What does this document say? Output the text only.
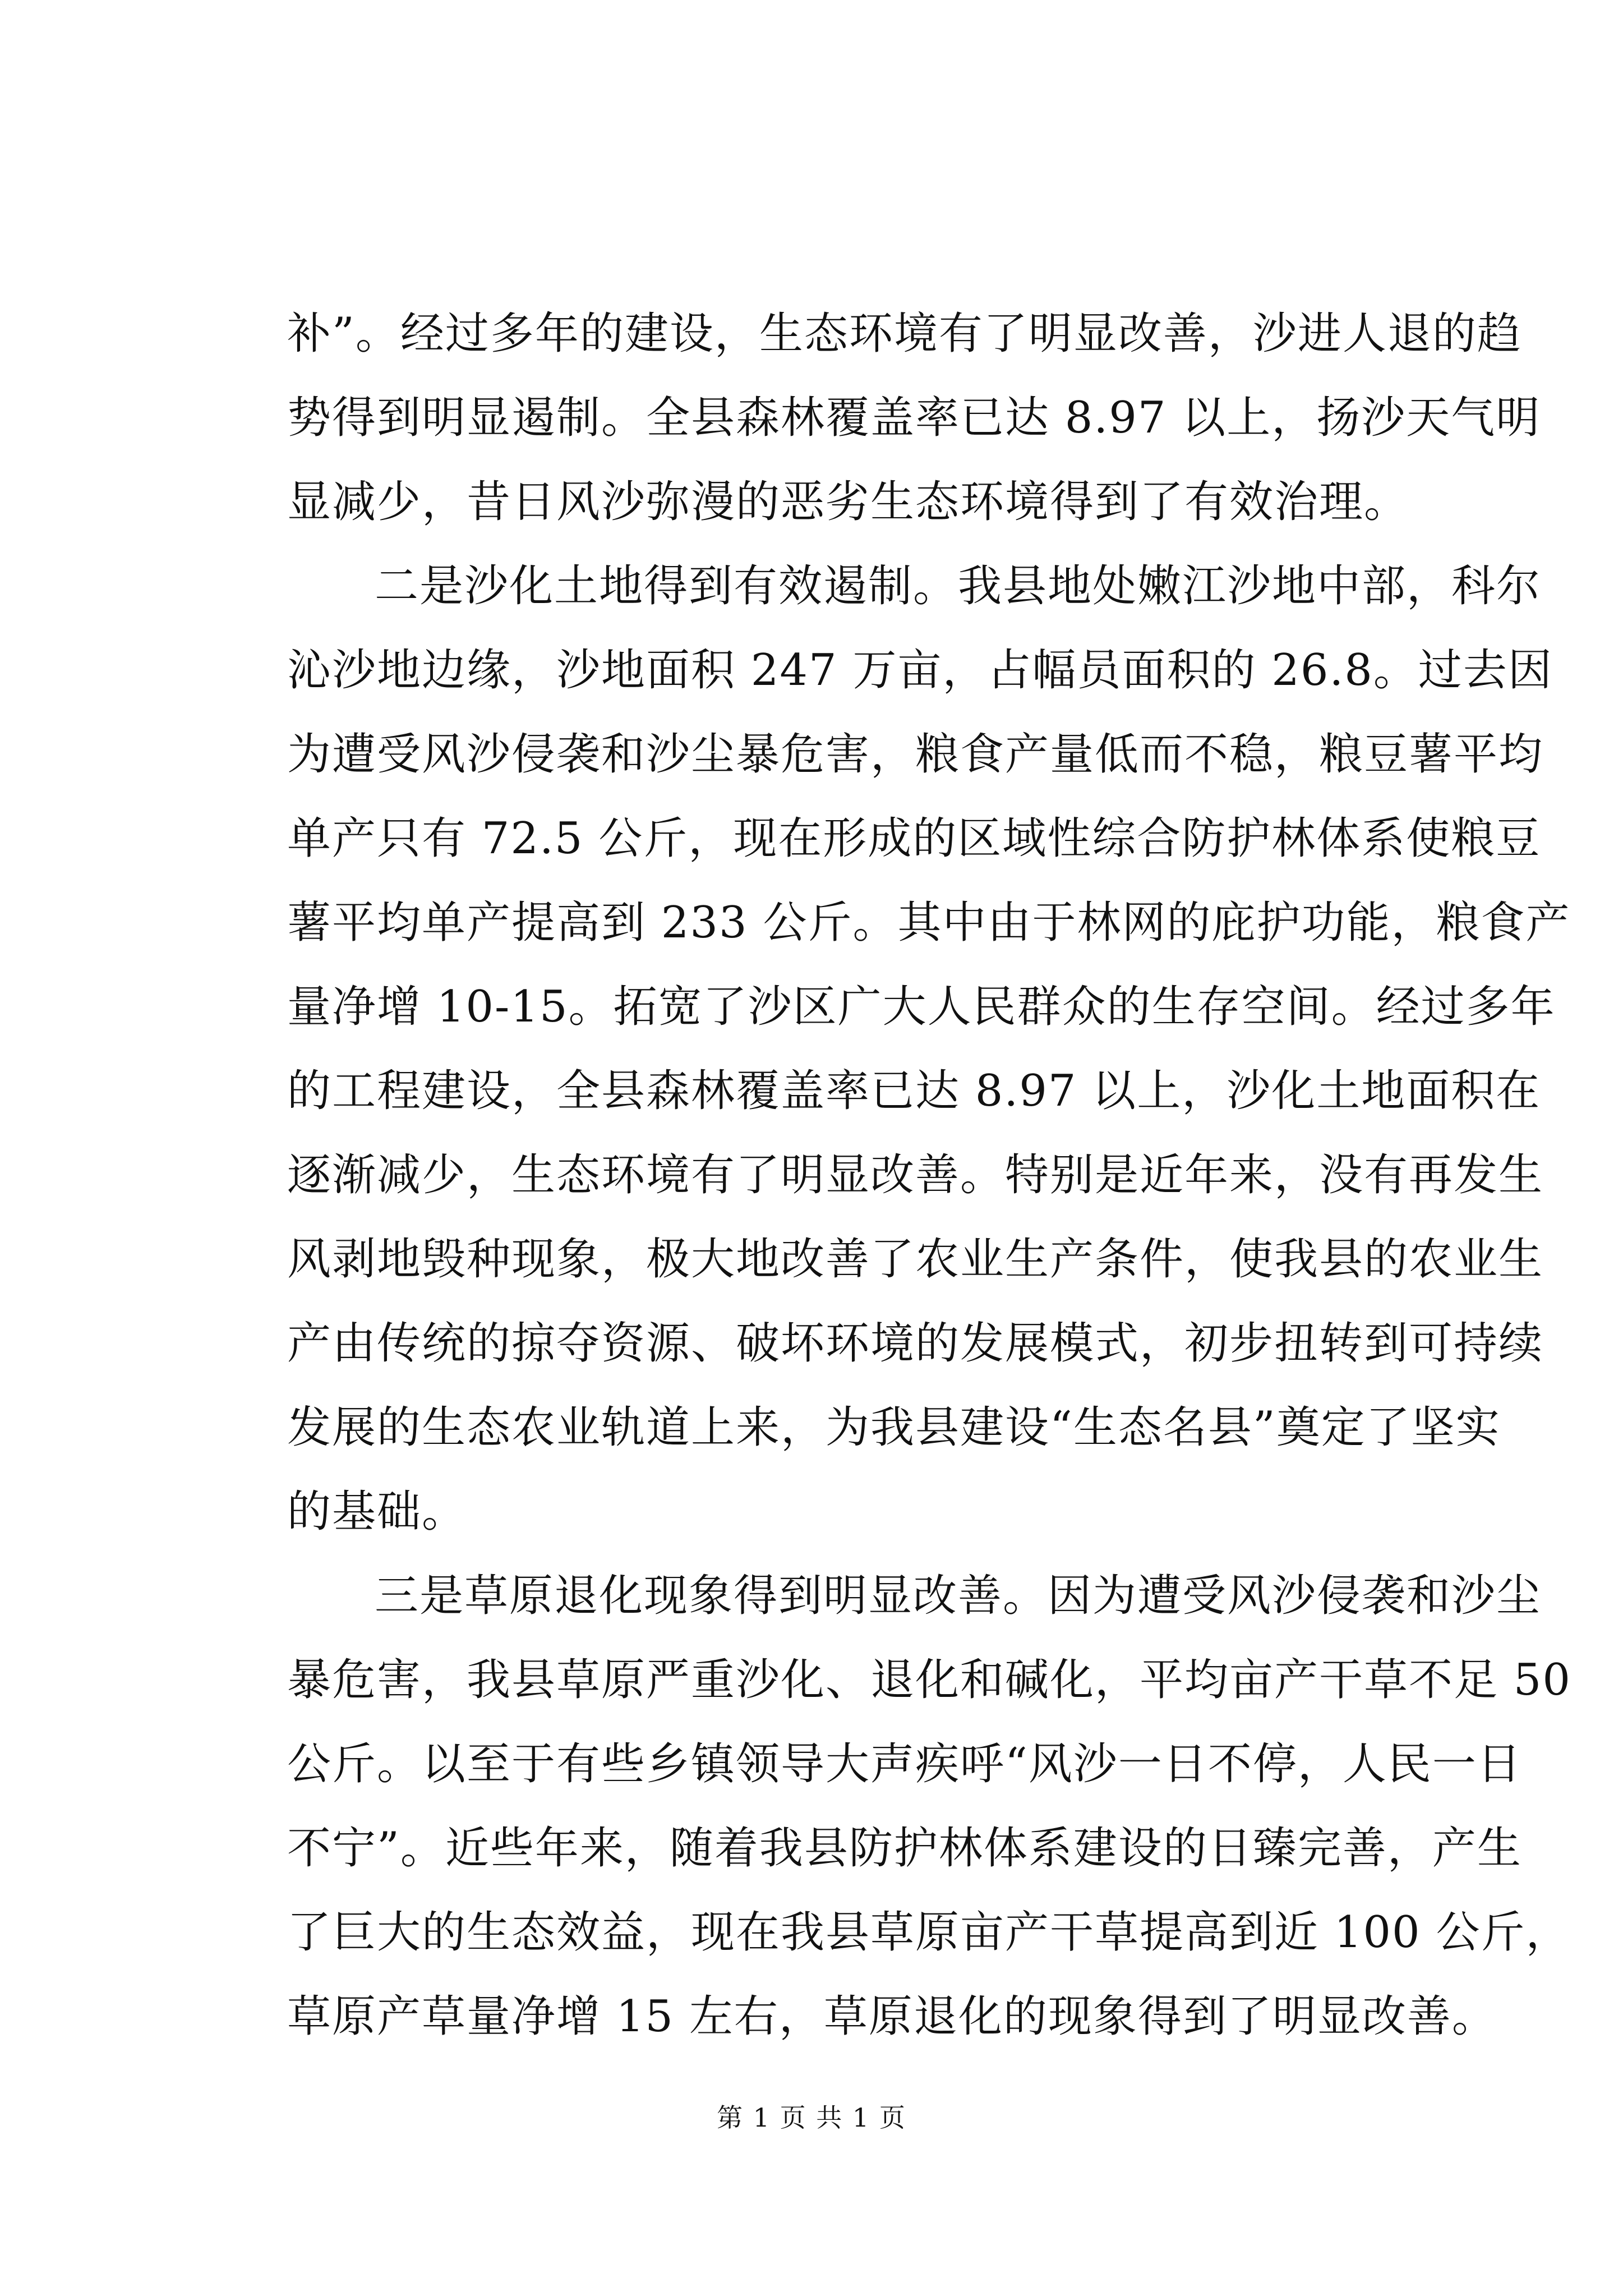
补”。经过多年的建设，生态环境有了明显改善，沙进人退的趋
势得到明显遏制。全县森林覆盖率已达 8.97 以上，扬沙天气明
显减少，昔日风沙弥漫的恶劣生态环境得到了有效治理。
二是沙化土地得到有效遏制。我县地处嫩江沙地中部，科尔
沁沙地边缘，沙地面积 247 万亩，占幅员面积的 26.8。过去因
为遭受风沙侵袭和沙尘暴危害，粮食产量低而不稳，粮豆薯平均
单产只有 72.5 公斤，现在形成的区域性综合防护林体系使粮豆
薯平均单产提高到 233 公斤。其中由于林网的庇护功能，粮食产
量净增 10-15。拓宽了沙区广大人民群众的生存空间。经过多年
的工程建设，全县森林覆盖率已达 8.97 以上，沙化土地面积在
逐渐减少，生态环境有了明显改善。特别是近年来，没有再发生
风剥地毁种现象，极大地改善了农业生产条件，使我县的农业生
产由传统的掠夺资源、破坏环境的发展模式，初步扭转到可持续
发展的生态农业轨道上来，为我县建设“生态名县”奠定了坚实
的基础。
三是草原退化现象得到明显改善。因为遭受风沙侵袭和沙尘
暴危害，我县草原严重沙化、退化和碱化，平均亩产干草不足 50
公斤。以至于有些乡镇领导大声疾呼“风沙一日不停，人民一日
不宁”。近些年来，随着我县防护林体系建设的日臻完善，产生
了巨大的生态效益，现在我县草原亩产干草提高到近 100 公斤，
草原产草量净增 15 左右，草原退化的现象得到了明显改善。
第 1 页 共 1 页
